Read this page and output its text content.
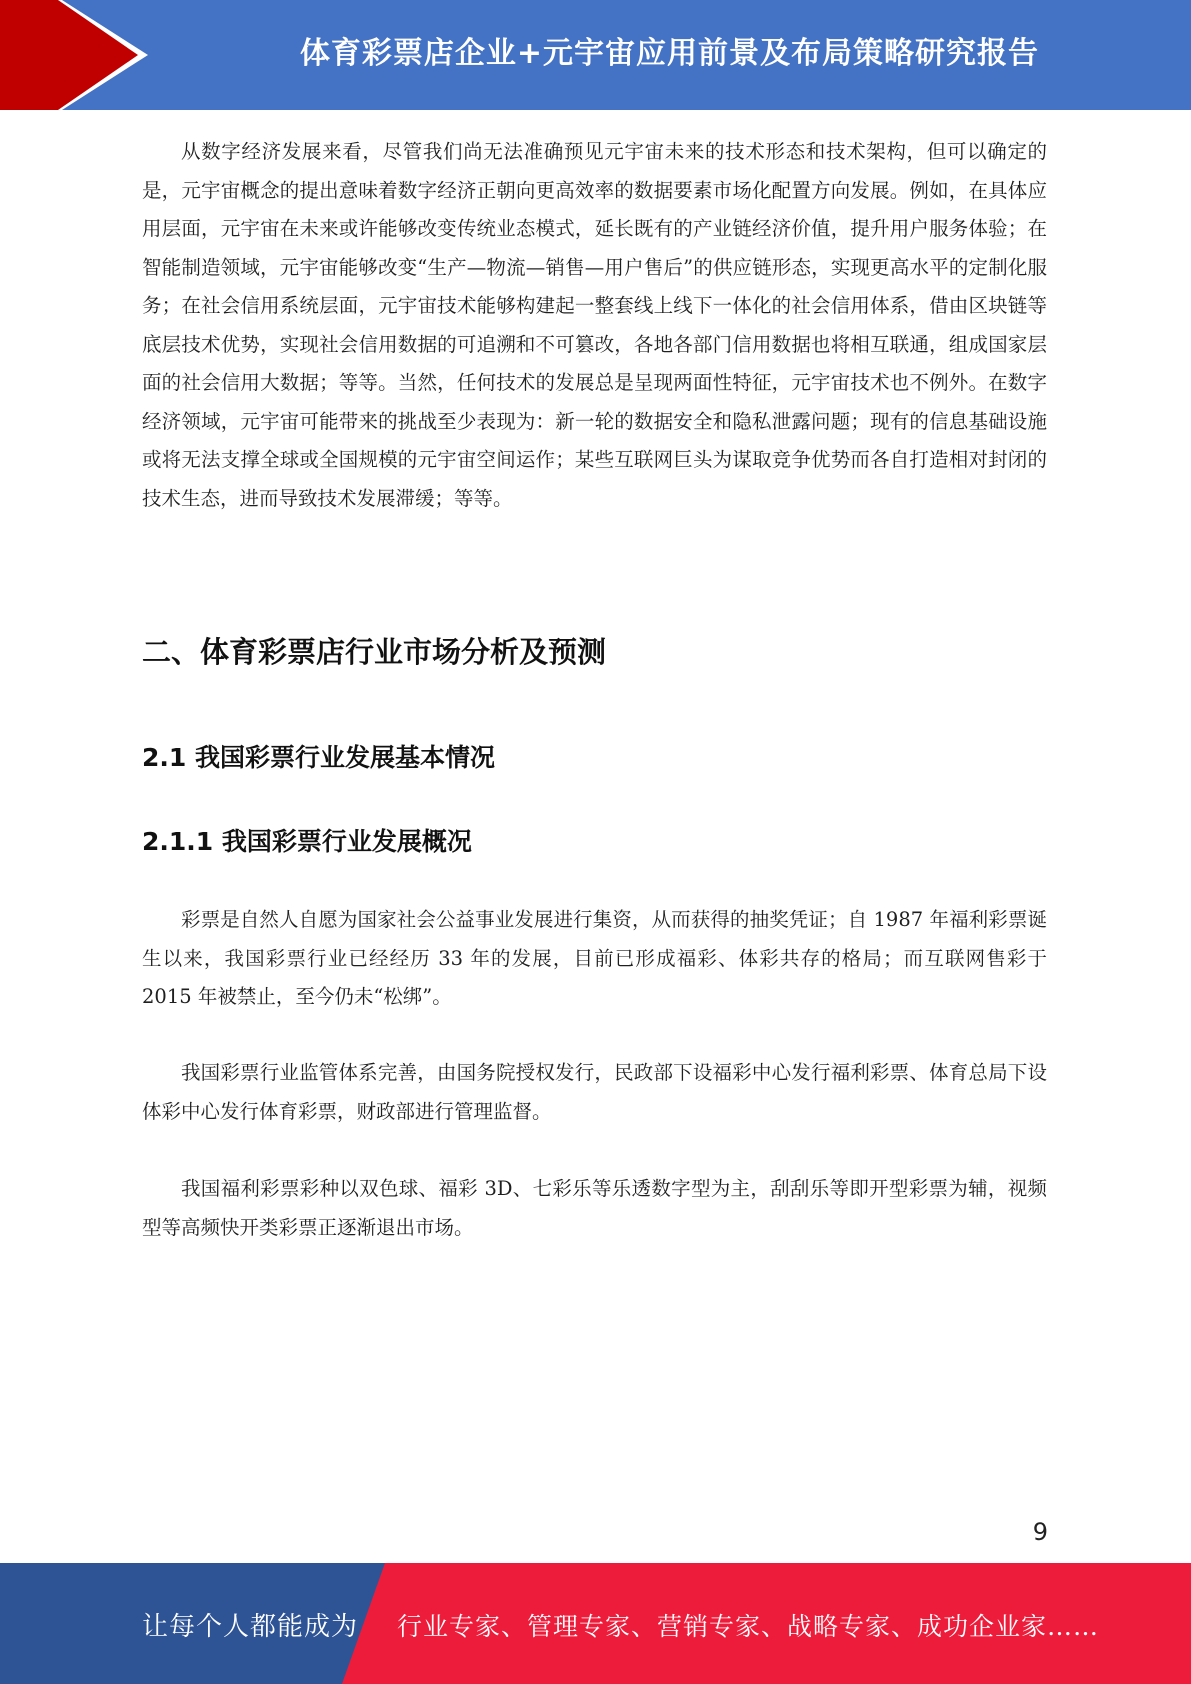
体育彩票店企业+元宇宙应用前景及布局策略研究报告

从数字经济发展来看，尽管我们尚无法准确预见元宇宙未来的技术形态和技术架构，但可以确定的是，元宇宙概念的提出意味着数字经济正朝向更高效率的数据要素市场化配置方向发展。例如，在具体应用层面，元宇宙在未来或许能够改变传统业态模式，延长既有的产业链经济价值，提升用户服务体验；在智能制造领域，元宇宙能够改变“生产—物流—销售—用户售后”的供应链形态，实现更高水平的定制化服务；在社会信用系统层面，元宇宙技术能够构建起一整套线上线下一体化的社会信用体系，借由区块链等底层技术优势，实现社会信用数据的可追溯和不可篡改，各地各部门信用数据也将相互联通，组成国家层面的社会信用大数据；等等。当然，任何技术的发展总是呈现两面性特征，元宇宙技术也不例外。在数字经济领域，元宇宙可能带来的挑战至少表现为：新一轮的数据安全和隐私泄露问题；现有的信息基础设施或将无法支撑全球或全国规模的元宇宙空间运作；某些互联网巨头为谋取竞争优势而各自打造相对封闭的技术生态，进而导致技术发展滞缓；等等。

二、体育彩票店行业市场分析及预测
2.1 我国彩票行业发展基本情况
2.1.1 我国彩票行业发展概况

彩票是自然人自愿为国家社会公益事业发展进行集资，从而获得的抽奖凭证；自 1987 年福利彩票诞生以来，我国彩票行业已经经历 33 年的发展，目前已形成福彩、体彩共存的格局；而互联网售彩于 2015 年被禁止，至今仍未“松绑”。

我国彩票行业监管体系完善，由国务院授权发行，民政部下设福彩中心发行福利彩票、体育总局下设体彩中心发行体育彩票，财政部进行管理监督。

我国福利彩票彩种以双色球、福彩 3D、七彩乐等乐透数字型为主，刮刮乐等即开型彩票为辅，视频型等高频快开类彩票正逐渐退出市场。

9
让每个人都能成为 行业专家、管理专家、营销专家、战略专家、成功企业家……
